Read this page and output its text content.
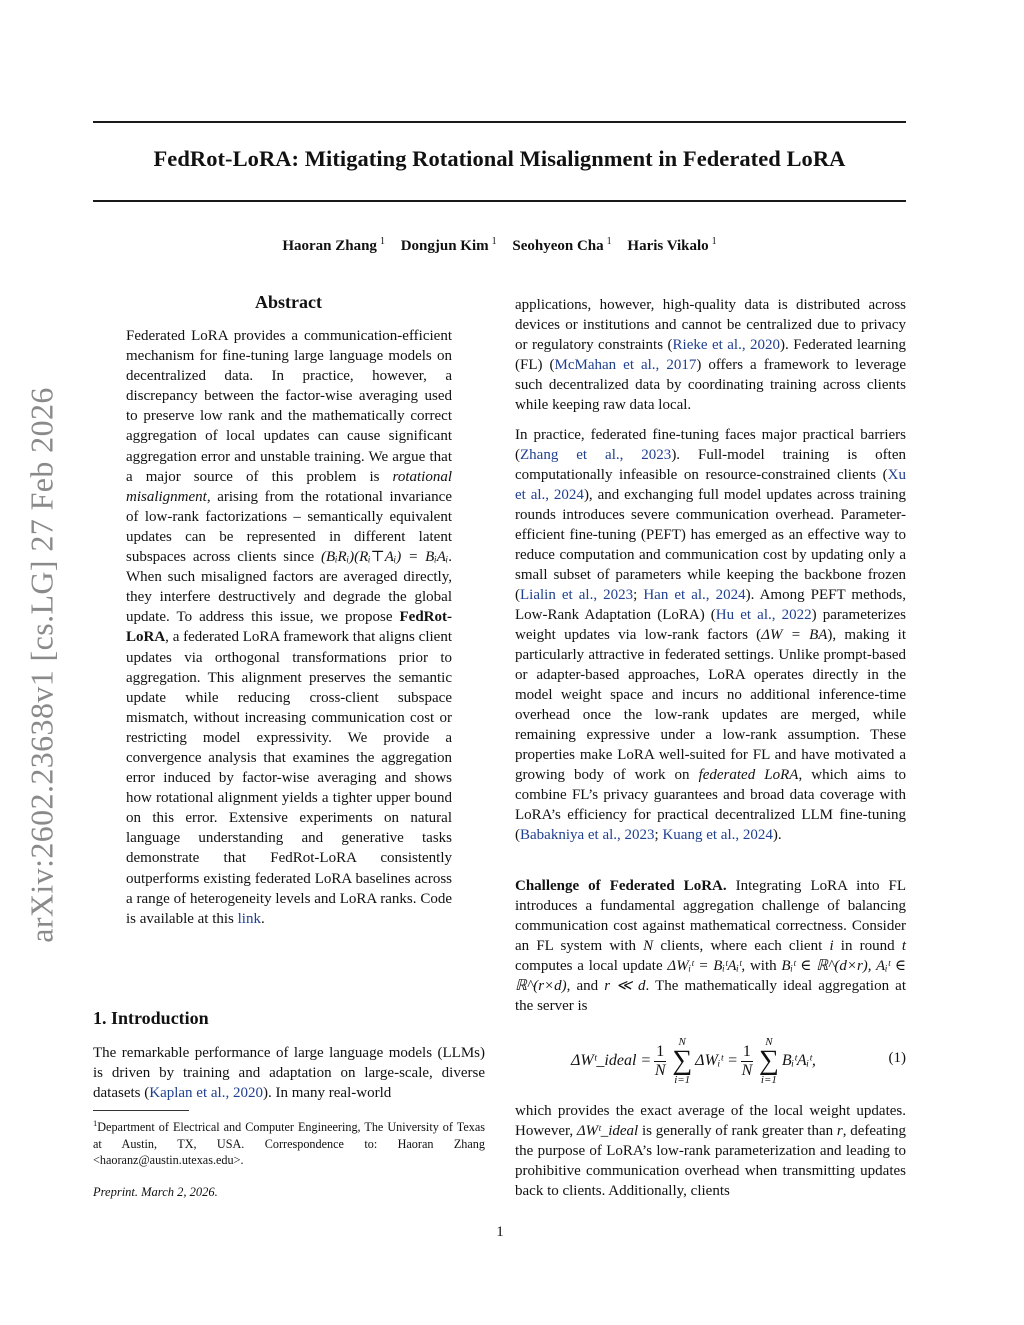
FedRot-LoRA: Mitigating Rotational Misalignment in Federated LoRA
Haoran Zhang $^1$ Dongjun Kim $^1$ Seohyeon Cha $^1$ Haris Vikalo $^1$
arXiv:2602.23638v1 [cs.LG] 27 Feb 2026
Abstract

Federated LoRA provides a communication-efficient mechanism for fine-tuning large language models on decentralized data. In practice, however, a discrepancy between the factor-wise averaging used to preserve low rank and the mathematically correct aggregation of local updates can cause significant aggregation error and unstable training. We argue that a major source of this problem is rotational misalignment, arising from the rotational invariance of low-rank factorizations – semantically equivalent updates can be represented in different latent subspaces across clients since (BᵢRᵢ)(Rᵢ⊤Aᵢ) = BᵢAᵢ. When such misaligned factors are averaged directly, they interfere destructively and degrade the global update. To address this issue, we propose FedRot-LoRA, a federated LoRA framework that aligns client updates via orthogonal transformations prior to aggregation. This alignment preserves the semantic update while reducing cross-client subspace mismatch, without increasing communication cost or restricting model expressivity. We provide a convergence analysis that examines the aggregation error induced by factor-wise averaging and shows how rotational alignment yields a tighter upper bound on this error. Extensive experiments on natural language understanding and generative tasks demonstrate that FedRot-LoRA consistently outperforms existing federated LoRA baselines across a range of heterogeneity levels and LoRA ranks. Code is available at this link.

1. Introduction

The remarkable performance of large language models (LLMs) is driven by training and adaptation on large-scale, diverse datasets (Kaplan et al., 2020). In many real-world

$^1$Department of Electrical and Computer Engineering, The University of Texas at Austin, TX, USA. Correspondence to: Haoran Zhang <haoranz@austin.utexas.edu>.
Preprint. March 2, 2026.

applications, however, high-quality data is distributed across devices or institutions and cannot be centralized due to privacy or regulatory constraints (Rieke et al., 2020). Federated learning (FL) (McMahan et al., 2017) offers a framework to leverage such decentralized data by coordinating training across clients while keeping raw data local.

In practice, federated fine-tuning faces major practical barriers (Zhang et al., 2023). Full-model training is often computationally infeasible on resource-constrained clients (Xu et al., 2024), and exchanging full model updates across training rounds introduces severe communication overhead. Parameter-efficient fine-tuning (PEFT) has emerged as an effective way to reduce computation and communication cost by updating only a small subset of parameters while keeping the backbone frozen (Lialin et al., 2023; Han et al., 2024). Among PEFT methods, Low-Rank Adaptation (LoRA) (Hu et al., 2022) parameterizes weight updates via low-rank factors (ΔW = BA), making it particularly attractive in federated settings. Unlike prompt-based or adapter-based approaches, LoRA operates directly in the model weight space and incurs no additional inference-time overhead once the low-rank updates are merged, while remaining expressive under a low-rank assumption. These properties make LoRA well-suited for FL and have motivated a growing body of work on federated LoRA, which aims to combine FL’s privacy guarantees and broad data coverage with LoRA’s efficiency for practical decentralized LLM fine-tuning (Babakniya et al., 2023; Kuang et al., 2024).

Challenge of Federated LoRA. Integrating LoRA into FL introduces a fundamental aggregation challenge of balancing communication cost against mathematical correctness. Consider an FL system with N clients, where each client i in round t computes a local update ΔWᵢᵗ = BᵢᵗAᵢᵗ, with Bᵢᵗ ∈ ℝ^(d×r), Aᵢᵗ ∈ ℝ^(r×d), and r ≪ d. The mathematically ideal aggregation at the server is

ΔWᵗ_ideal = $\frac{1}{N}$
N
∑
i=1
ΔWᵢᵗ = $\frac{1}{N}$
N
∑
i=1
BᵢᵗAᵢᵗ,	(1)

which provides the exact average of the local weight updates. However, ΔWᵗ_ideal is generally of rank greater than r, defeating the purpose of LoRA’s low-rank parameterization and leading to prohibitive communication overhead when transmitting updates back to clients. Additionally, clients

1
